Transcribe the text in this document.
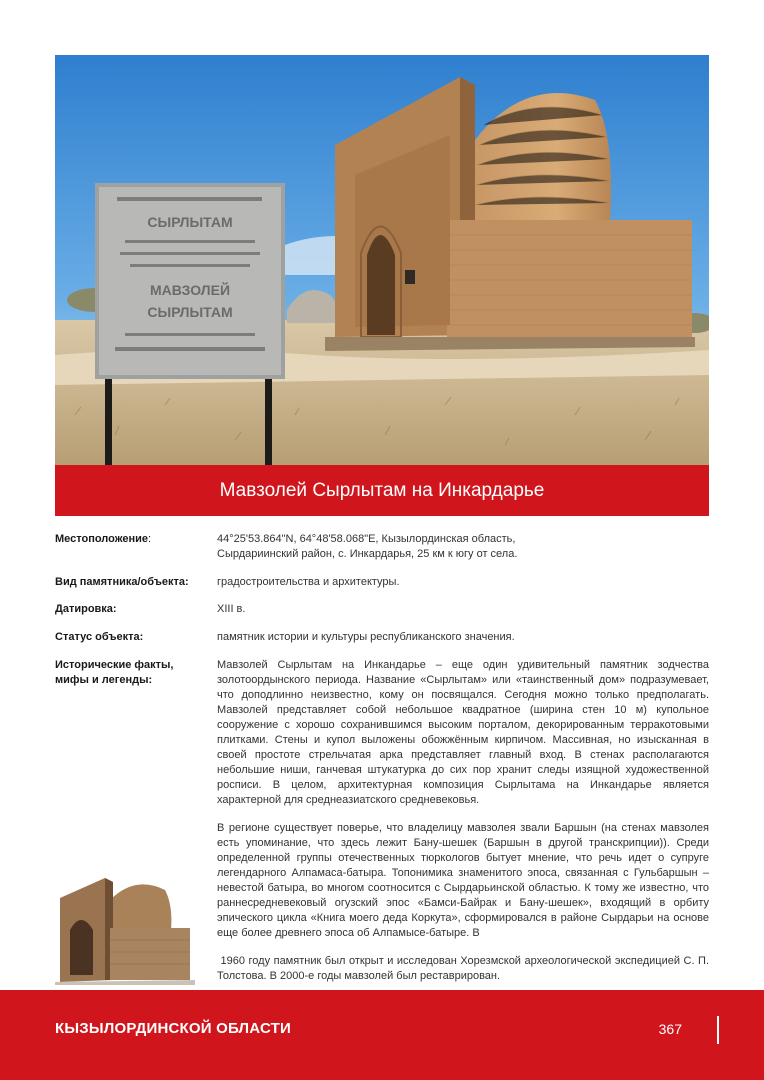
СЫРЛЫТАМ
МАВЗОЛЕЙ
СЫРЛЫТАМ
Мавзолей Сырлытам на Инкардарье
Местоположение:	44°25'53.864"N, 64°48'58.068"E, Кызылординская область,
Сырдариинский район, с. Инкардарья, 25 км к югу от села.
Вид памятника/объекта:	градостроительства и архитектуры.
Датировка:	XIII в.
Статус объекта:	памятник истории и культуры республиканского значения.
Исторические факты,
мифы и легенды:

Мавзолей Сырлытам на Инкандарье – еще один удивительный памятник зодчества золотоордынского периода. Название «Сырлытам» или «таинственный дом» подразумевает, что доподлинно неизвестно, кому он посвящался. Сегодня можно только предполагать. Мавзолей представляет собой небольшое квадратное (ширина стен 10 м) купольное сооружение с хорошо сохранившимся высоким порталом, декорированным терракотовыми плитками. Стены и купол выложены обожжённым кирпичом. Массивная, но изысканная в своей простоте стрельчатая арка представляет главный вход. В стенах располагаются небольшие ниши, ганчевая штукатурка до сих пор хранит следы изящной художественной росписи. В целом, архитектурная композиция Сырлытама на Инкандарье является характерной для среднеазиатского средневековья.

В регионе существует поверье, что владелицу мавзолея звали Баршын (на стенах мавзолея есть упоминание, что здесь лежит Бану-шешек (Баршын в другой транскрипции)). Среди определенной группы отечественных тюркологов бытует мнение, что речь идет о супруге легендарного Алпамаса-батыра. Топонимика знаменитого эпоса, связанная с Гульбаршын – невестой батыра, во многом соотносится с Сырдарьинской областью. К тому же известно, что раннесредневековый огузский эпос «Бамси-Байрак и Бану-шешек», входящий в орбиту эпического цикла «Книга моего деда Коркута», сформировался в районе Сырдарьи на основе еще более древнего эпоса об Алпамысе-батыре. В

1960 году памятник был открыт и исследован Хорезмской археологической экспедицией С. П. Толстова. В 2000-е годы мавзолей был реставрирован.

КЫЗЫЛОРДИНСКОЙ ОБЛАСТИ	367
